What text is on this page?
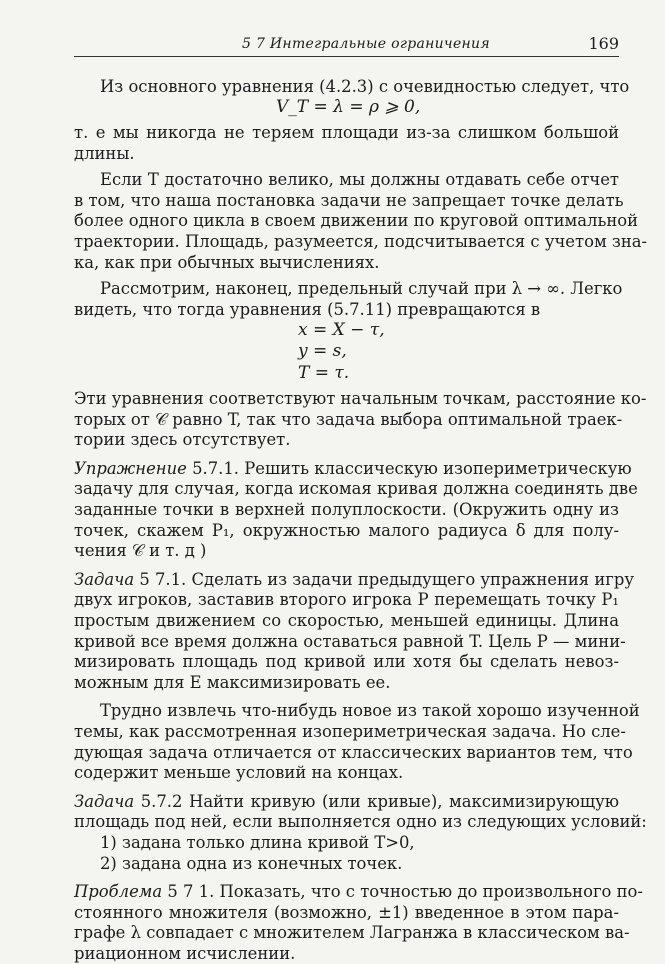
5 7 Интегральные ограничения	169
Из основного уравнения (4.2.3) с очевидностью следует, что
V_T = λ = ρ ⩾ 0,
т. е мы никогда не теряем площади из-за слишком большой
длины.
Если T достаточно велико, мы должны отдавать себе отчет
в том, что наша постановка задачи не запрещает точке делать
более одного цикла в своем движении по круговой оптимальной
траектории. Площадь, разумеется, подсчитывается с учетом зна-
ка, как при обычных вычислениях.
Рассмотрим, наконец, предельный случай при λ → ∞. Легко
видеть, что тогда уравнения (5.7.11) превращаются в
x = X − τ,
y = s,
T = τ.
Эти уравнения соответствуют начальным точкам, расстояние ко-
торых от 𝒞 равно T, так что задача выбора оптимальной траек-
тории здесь отсутствует.
Упражнение 5.7.1. Решить классическую изопериметрическую
задачу для случая, когда искомая кривая должна соединять две
заданные точки в верхней полуплоскости. (Окружить одну из
точек, скажем P₁, окружностью малого радиуса δ для полу-
чения 𝒞 и т. д )
Задача 5 7.1. Сделать из задачи предыдущего упражнения игру
двух игроков, заставив второго игрока P перемещать точку P₁
простым движением со скоростью, меньшей единицы. Длина
кривой все время должна оставаться равной T. Цель P — мини-
мизировать площадь под кривой или хотя бы сделать невоз-
можным для E максимизировать ее.
Трудно извлечь что-нибудь новое из такой хорошо изученной
темы, как рассмотренная изопериметрическая задача. Но сле-
дующая задача отличается от классических вариантов тем, что
содержит меньше условий на концах.
Задача 5.7.2 Найти кривую (или кривые), максимизирующую
площадь под ней, если выполняется одно из следующих условий:
1) задана только длина кривой T>0,
2) задана одна из конечных точек.
Проблема 5 7 1. Показать, что с точностью до произвольного по-
стоянного множителя (возможно, ±1) введенное в этом пара-
графе λ совпадает с множителем Лагранжа в классическом ва-
риационном исчислении.
